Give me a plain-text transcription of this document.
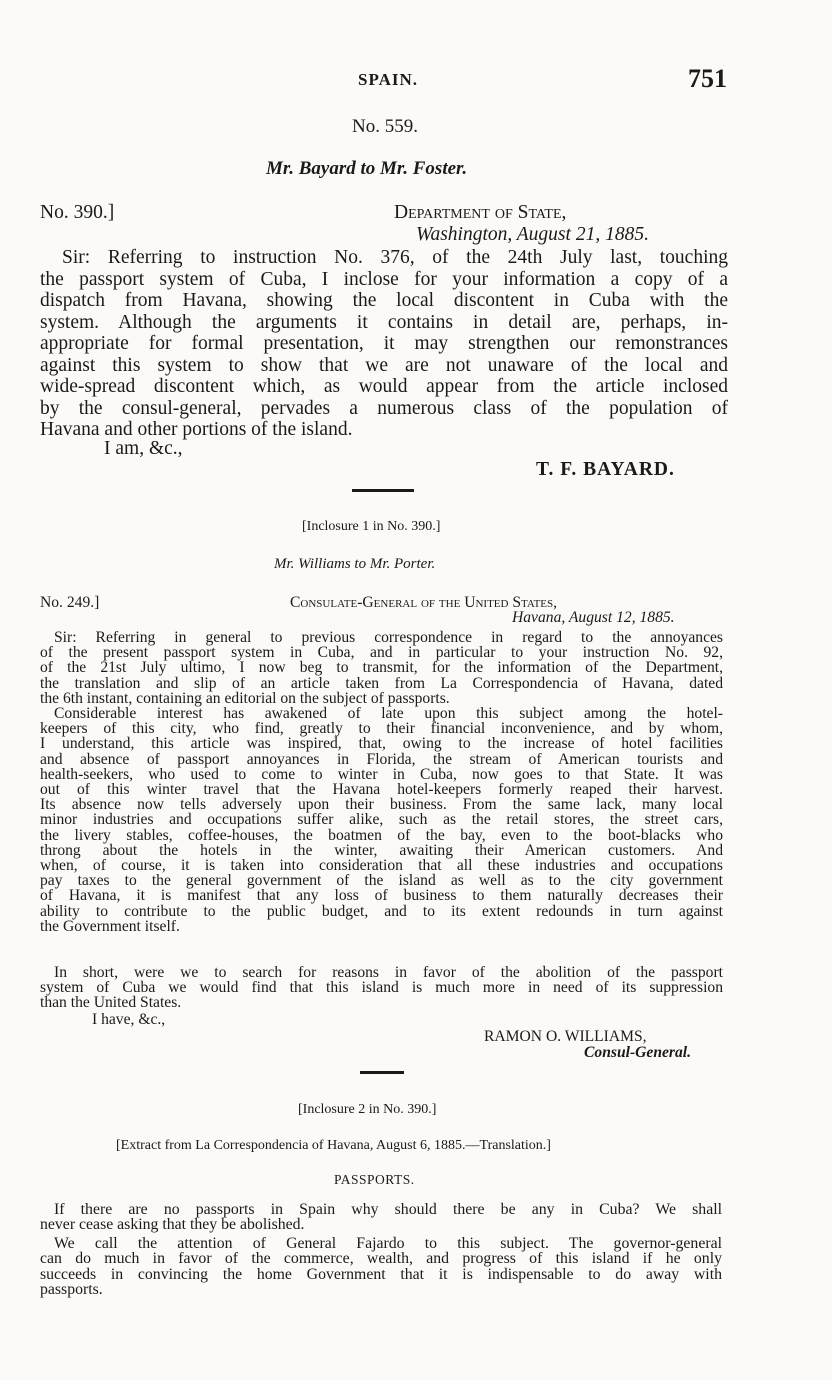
SPAIN.	751
No. 559.
Mr. Bayard to Mr. Foster.
No. 390.]	Department of State,
Washington, August 21, 1885.
Sir: Referring to instruction No. 376, of the 24th July last, touching
the passport system of Cuba, I inclose for your information a copy of a
dispatch from Havana, showing the local discontent in Cuba with the
system. Although the arguments it contains in detail are, perhaps, in-
appropriate for formal presentation, it may strengthen our remonstrances
against this system to show that we are not unaware of the local and
wide-spread discontent which, as would appear from the article inclosed
by the consul-general, pervades a numerous class of the population of
Havana and other portions of the island.
I am, &c.,
T. F. BAYARD.
[Inclosure 1 in No. 390.]
Mr. Williams to Mr. Porter.
No. 249.]	Consulate-General of the United States,
Havana, August 12, 1885.
Sir: Referring in general to previous correspondence in regard to the annoyances
of the present passport system in Cuba, and in particular to your instruction No. 92,
of the 21st July ultimo, I now beg to transmit, for the information of the Department,
the translation and slip of an article taken from La Correspondencia of Havana, dated
the 6th instant, containing an editorial on the subject of passports.
Considerable interest has awakened of late upon this subject among the hotel-
keepers of this city, who find, greatly to their financial inconvenience, and by whom,
I understand, this article was inspired, that, owing to the increase of hotel facilities
and absence of passport annoyances in Florida, the stream of American tourists and
health-seekers, who used to come to winter in Cuba, now goes to that State. It was
out of this winter travel that the Havana hotel-keepers formerly reaped their harvest.
Its absence now tells adversely upon their business. From the same lack, many local
minor industries and occupations suffer alike, such as the retail stores, the street cars,
the livery stables, coffee-houses, the boatmen of the bay, even to the boot-blacks who
throng about the hotels in the winter, awaiting their American customers. And
when, of course, it is taken into consideration that all these industries and occupations
pay taxes to the general government of the island as well as to the city government
of Havana, it is manifest that any loss of business to them naturally decreases their
ability to contribute to the public budget, and to its extent redounds in turn against
the Government itself.
In short, were we to search for reasons in favor of the abolition of the passport
system of Cuba we would find that this island is much more in need of its suppression
than the United States.
I have, &c.,
RAMON O. WILLIAMS,
Consul-General.
[Inclosure 2 in No. 390.]
[Extract from La Correspondencia of Havana, August 6, 1885.—Translation.]
PASSPORTS.
If there are no passports in Spain why should there be any in Cuba? We shall
never cease asking that they be abolished.
We call the attention of General Fajardo to this subject. The governor-general
can do much in favor of the commerce, wealth, and progress of this island if he only
succeeds in convincing the home Government that it is indispensable to do away with
passports.
